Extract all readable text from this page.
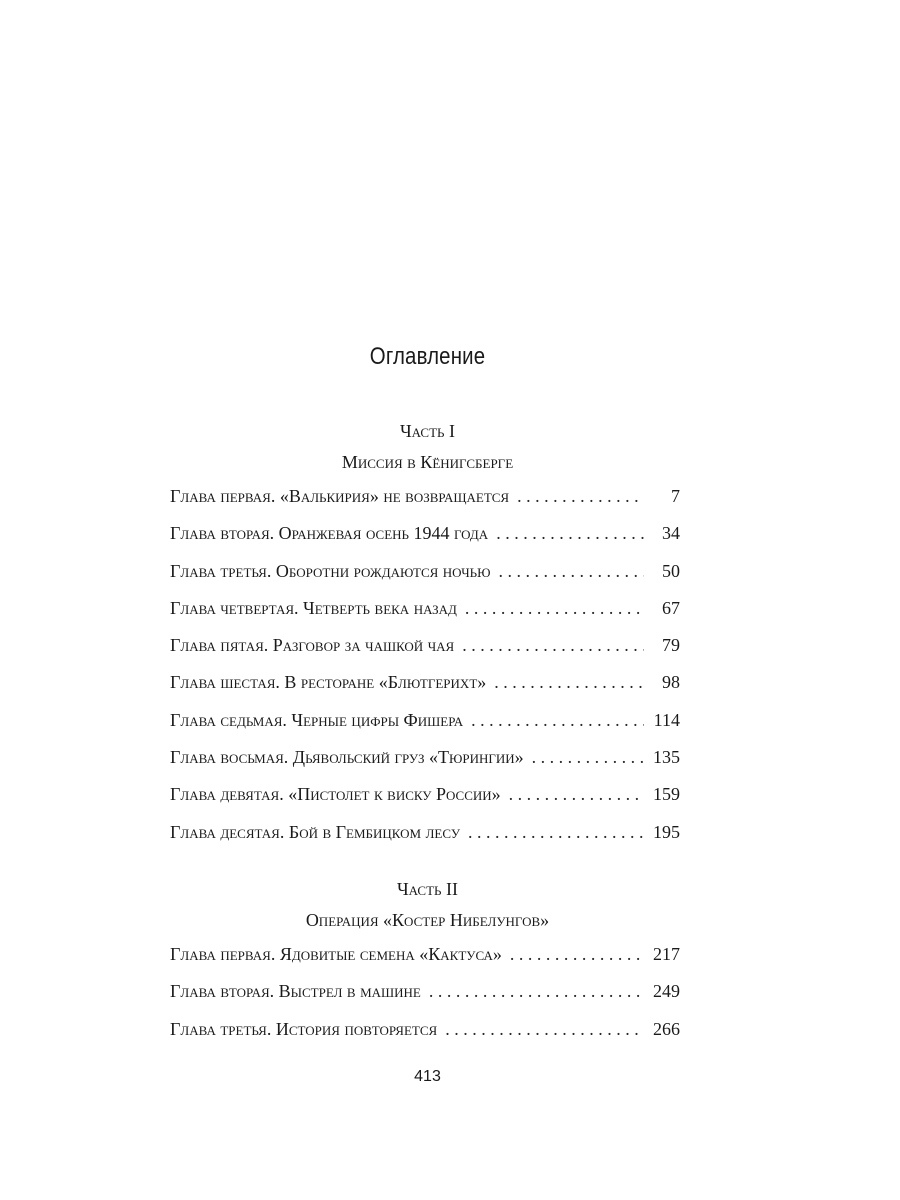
Оглавление
Часть I
Миссия в Кёнигсберге
Глава первая. «Валькирия» не возвращается . . .	7
Глава вторая. Оранжевая осень 1944 года . . .	34
Глава третья. Оборотни рождаются ночью . . .	50
Глава четвертая. Четверть века назад . . .	67
Глава пятая. Разговор за чашкой чая . . .	79
Глава шестая. В ресторане «Блютгерихт» . . .	98
Глава седьмая. Черные цифры Фишера . . .	114
Глава восьмая. Дьявольский груз «Тюрингии» . . .	135
Глава девятая. «Пистолет к виску России» . . .	159
Глава десятая. Бой в Гембицком лесу . . .	195
Часть II
Операция «Костер Нибелунгов»
Глава первая. Ядовитые семена «Кактуса» . . .	217
Глава вторая. Выстрел в машине . . .	249
Глава третья. История повторяется . . .	266
413
